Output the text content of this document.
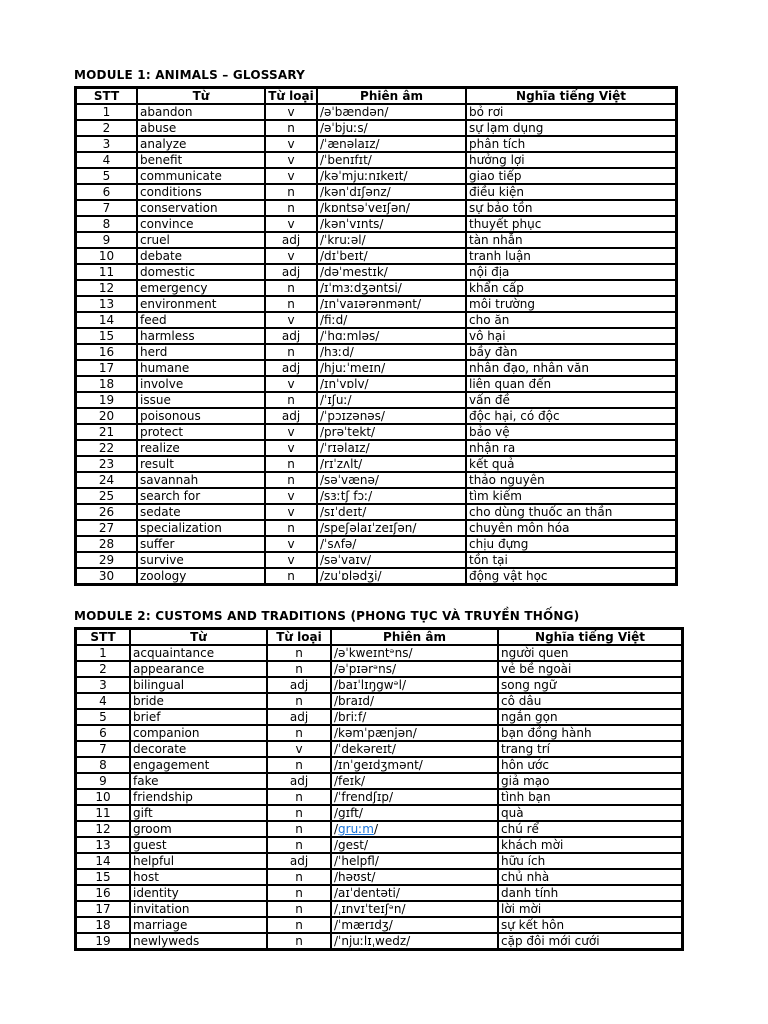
MODULE 1: ANIMALS – GLOSSARY
STT	Từ	Từ loại	Phiên âm	Nghĩa tiếng Việt
1	abandon	v	/əˈbændən/	bỏ rơi
2	abuse	n	/əˈbjuːs/	sự lạm dụng
3	analyze	v	/ˈænəlaɪz/	phân tích
4	benefit	v	/ˈbenɪfɪt/	hưởng lợi
5	communicate	v	/kəˈmjuːnɪkeɪt/	giao tiếp
6	conditions	n	/kənˈdɪʃənz/	điều kiện
7	conservation	n	/kɒntsəˈveɪʃən/	sự bảo tồn
8	convince	v	/kənˈvɪnts/	thuyết phục
9	cruel	adj	/ˈkruːəl/	tàn nhẫn
10	debate	v	/dɪˈbeɪt/	tranh luận
11	domestic	adj	/dəˈmestɪk/	nội địa
12	emergency	n	/ɪˈmɜːdʒəntsi/	khẩn cấp
13	environment	n	/ɪnˈvaɪərənmənt/	môi trường
14	feed	v	/fiːd/	cho ăn
15	harmless	adj	/ˈhɑːmləs/	vô hại
16	herd	n	/hɜːd/	bầy đàn
17	humane	adj	/hjuːˈmeɪn/	nhân đạo, nhân văn
18	involve	v	/ɪnˈvɒlv/	liên quan đến
19	issue	n	/ˈɪʃuː/	vấn đề
20	poisonous	adj	/ˈpɔɪzənəs/	độc hại, có độc
21	protect	v	/prəˈtekt/	bảo vệ
22	realize	v	/ˈrɪəlaɪz/	nhận ra
23	result	n	/rɪˈzʌlt/	kết quả
24	savannah	n	/səˈvænə/	thảo nguyên
25	search for	v	/sɜːtʃ fɔː/	tìm kiếm
26	sedate	v	/sɪˈdeɪt/	cho dùng thuốc an thần
27	specialization	n	/speʃəlaɪˈzeɪʃən/	chuyên môn hóa
28	suffer	v	/ˈsʌfə/	chịu đựng
29	survive	v	/səˈvaɪv/	tồn tại
30	zoology	n	/zuˈɒlədʒi/	động vật học
MODULE 2: CUSTOMS AND TRADITIONS (PHONG TỤC VÀ TRUYỀN THỐNG)
STT	Từ	Từ loại	Phiên âm	Nghĩa tiếng Việt
1	acquaintance	n	/əˈkweɪntᵊns/	người quen
2	appearance	n	/əˈpɪərᵊns/	vẻ bề ngoài
3	bilingual	adj	/baɪˈlɪŋgwᵊl/	song ngữ
4	bride	n	/braɪd/	cô dâu
5	brief	adj	/briːf/	ngắn gọn
6	companion	n	/kəmˈpænjən/	bạn đồng hành
7	decorate	v	/ˈdekəreɪt/	trang trí
8	engagement	n	/ɪnˈgeɪdʒmənt/	hôn ước
9	fake	adj	/feɪk/	giả mạo
10	friendship	n	/ˈfrendʃɪp/	tình bạn
11	gift	n	/gɪft/	quà
12	groom	n	/gruːm/	chú rể
13	guest	n	/gest/	khách mời
14	helpful	adj	/ˈhelpfl/	hữu ích
15	host	n	/həʊst/	chủ nhà
16	identity	n	/aɪˈdentəti/	danh tính
17	invitation	n	/ˌɪnvɪˈteɪʃᵊn/	lời mời
18	marriage	n	/ˈmærɪdʒ/	sự kết hôn
19	newlyweds	n	/ˈnjuːlɪˌwedz/	cặp đôi mới cưới
